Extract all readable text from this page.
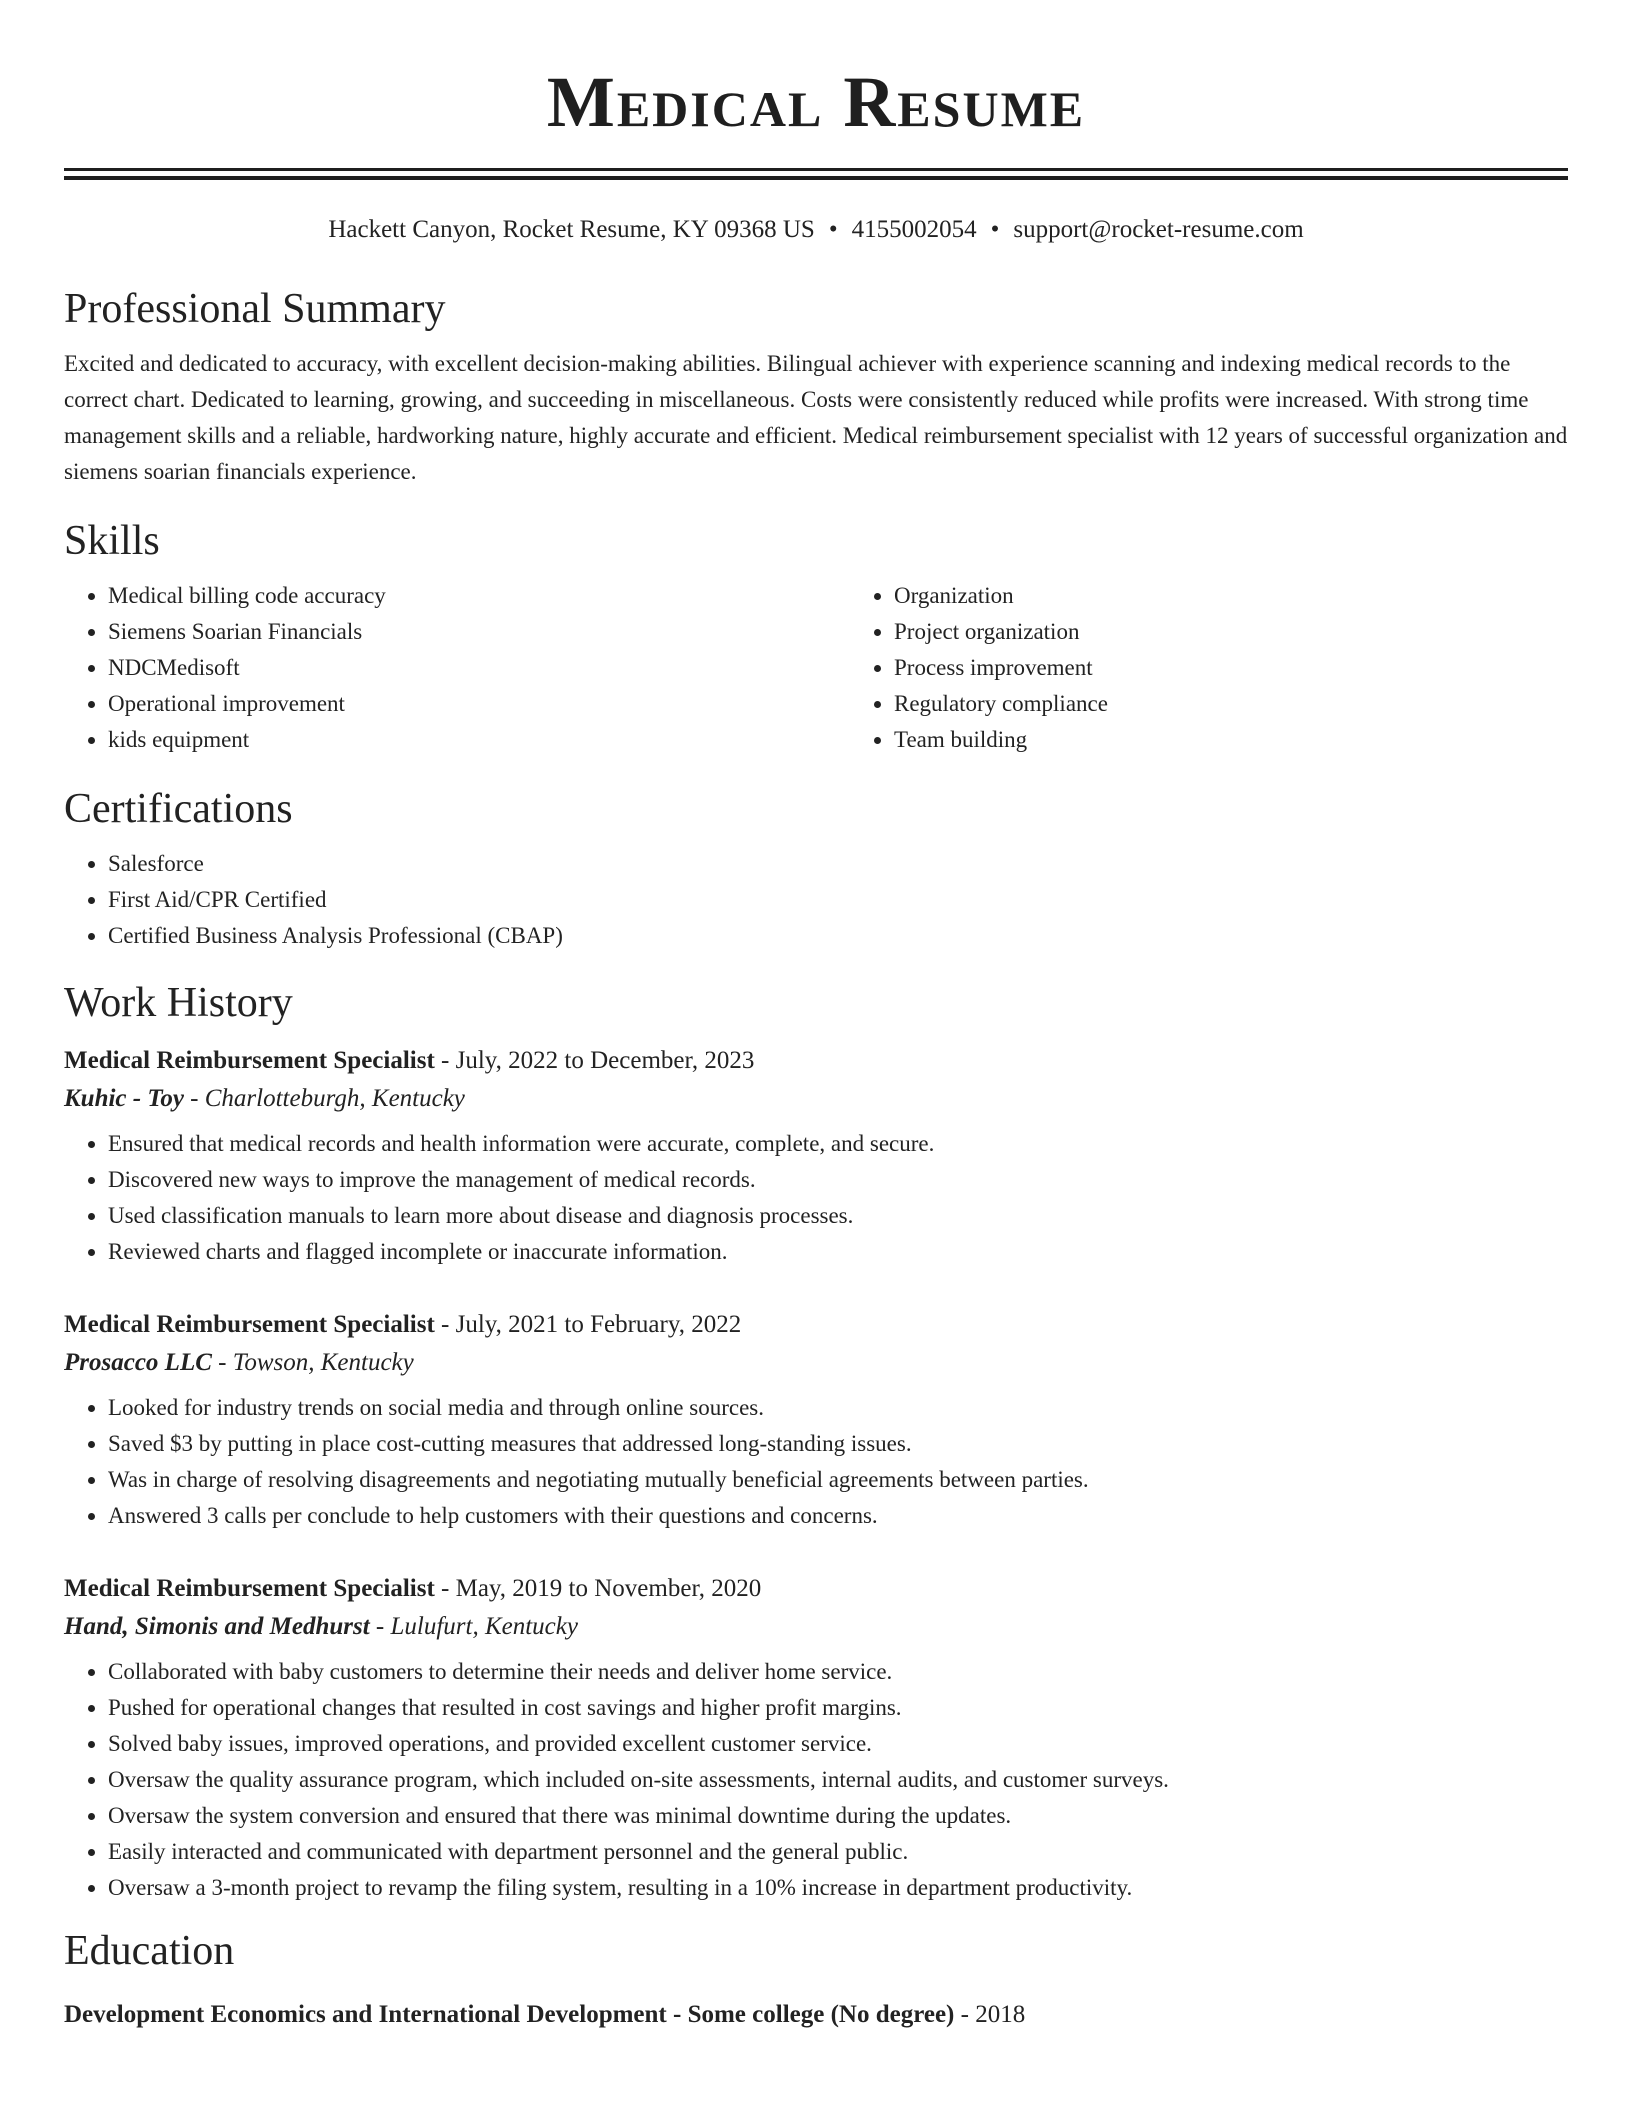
Medical Resume
Hackett Canyon, Rocket Resume, KY 09368 US • 4155002054 • support@rocket-resume.com
Professional Summary
Excited and dedicated to accuracy, with excellent decision-making abilities. Bilingual achiever with experience scanning and indexing medical records to the correct chart. Dedicated to learning, growing, and succeeding in miscellaneous. Costs were consistently reduced while profits were increased. With strong time management skills and a reliable, hardworking nature, highly accurate and efficient. Medical reimbursement specialist with 12 years of successful organization and siemens soarian financials experience.
Skills
• Medical billing code accuracy
• Siemens Soarian Financials
• NDCMedisoft
• Operational improvement
• kids equipment
• Organization
• Project organization
• Process improvement
• Regulatory compliance
• Team building
Certifications
• Salesforce
• First Aid/CPR Certified
• Certified Business Analysis Professional (CBAP)
Work History
Medical Reimbursement Specialist - July, 2022 to December, 2023
Kuhic - Toy - Charlotteburgh, Kentucky
• Ensured that medical records and health information were accurate, complete, and secure.
• Discovered new ways to improve the management of medical records.
• Used classification manuals to learn more about disease and diagnosis processes.
• Reviewed charts and flagged incomplete or inaccurate information.
Medical Reimbursement Specialist - July, 2021 to February, 2022
Prosacco LLC - Towson, Kentucky
• Looked for industry trends on social media and through online sources.
• Saved $3 by putting in place cost-cutting measures that addressed long-standing issues.
• Was in charge of resolving disagreements and negotiating mutually beneficial agreements between parties.
• Answered 3 calls per conclude to help customers with their questions and concerns.
Medical Reimbursement Specialist - May, 2019 to November, 2020
Hand, Simonis and Medhurst - Lulufurt, Kentucky
• Collaborated with baby customers to determine their needs and deliver home service.
• Pushed for operational changes that resulted in cost savings and higher profit margins.
• Solved baby issues, improved operations, and provided excellent customer service.
• Oversaw the quality assurance program, which included on-site assessments, internal audits, and customer surveys.
• Oversaw the system conversion and ensured that there was minimal downtime during the updates.
• Easily interacted and communicated with department personnel and the general public.
• Oversaw a 3-month project to revamp the filing system, resulting in a 10% increase in department productivity.
Education
Development Economics and International Development - Some college (No degree) - 2018
